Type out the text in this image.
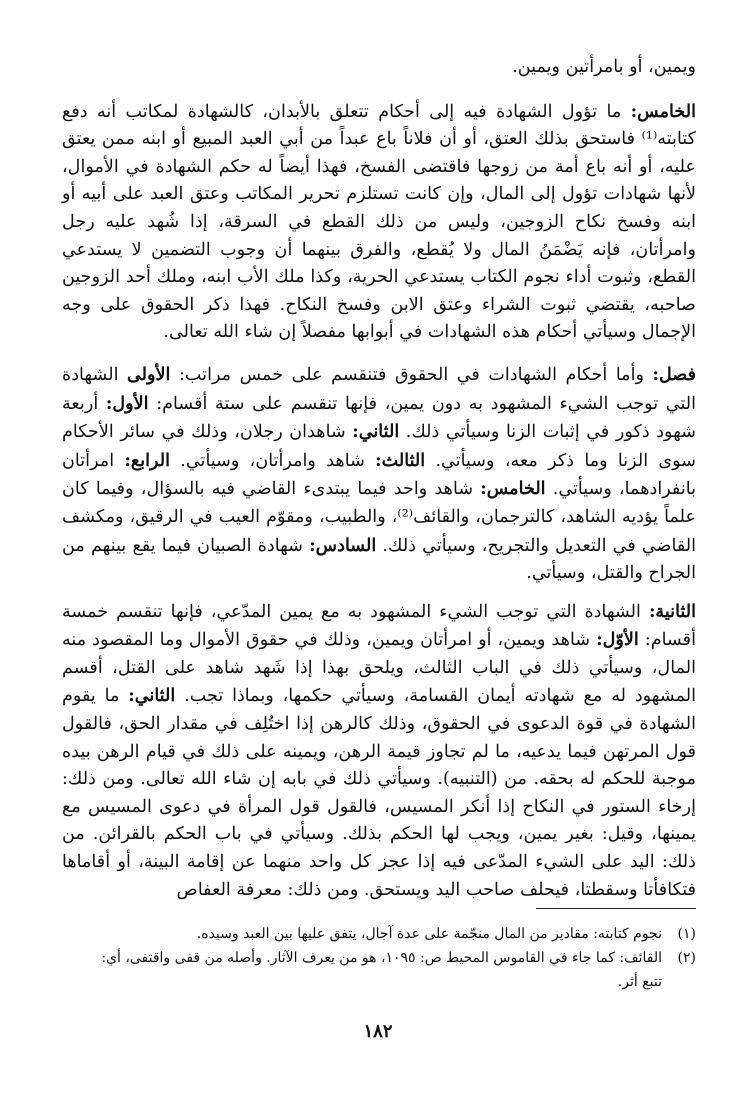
ويمين، أو بامرأتين ويمين.

الخامس: ما تؤول الشهادة فيه إلى أحكام تتعلق بالأبدان، كالشهادة لمكاتب أنه دفع كتابته⁽¹⁾ فاستحق بذلك العتق، أو أن فلاناً باع عبداً من أبي العبد المبيع أو ابنه ممن يعتق عليه، أو أنه باع أمة من زوجها فاقتضى الفسخ، فهذا أيضاً له حكم الشهادة في الأموال، لأنها شهادات تؤول إلى المال، وإن كانت تستلزم تحرير المكاتب وعتق العبد على أبيه أو ابنه وفسخ نكاح الزوجين، وليس من ذلك القطع في السرقة، إذا شُهد عليه رجل وامرأتان، فإنه يَضْمَنُ المال ولا يُقطع، والفرق بينهما أن وجوب التضمين لا يستدعي القطع، وثبوت أداء نجوم الكتاب يستدعي الحرية، وكذا ملك الأب ابنه، وملك أحد الزوجين صاحبه، يقتضي ثبوت الشراء وعتق الابن وفسخ النكاح. فهذا ذكر الحقوق على وجه الإجمال وسيأتي أحكام هذه الشهادات في أبوابها مفصلاً إن شاء الله تعالى.

فصل: وأما أحكام الشهادات في الحقوق فتنقسم على خمس مراتب: الأولى الشهادة التي توجب الشيء المشهود به دون يمين، فإنها تنقسم على ستة أقسام: الأول: أربعة شهود ذكور في إثبات الزنا وسيأتي ذلك. الثاني: شاهدان رجلان، وذلك في سائر الأحكام سوى الزنا وما ذكر معه، وسيأتي. الثالث: شاهد وامرأتان، وسيأتي. الرابع: امرأتان بانفرادهما، وسيأتي. الخامس: شاهد واحد فيما يبتدىء القاضي فيه بالسؤال، وفيما كان علماً يؤديه الشاهد، كالترجمان، والقائف⁽²⁾، والطبيب، ومقوّم العيب في الرقيق، ومكشف القاضي في التعديل والتجريح، وسيأتي ذلك. السادس: شهادة الصبيان فيما يقع بينهم من الجراح والقتل، وسيأتي.

الثانية: الشهادة التي توجب الشيء المشهود به مع يمين المدّعي، فإنها تنقسم خمسة أقسام: الأوّل: شاهد ويمين، أو امرأتان ويمين، وذلك في حقوق الأموال وما المقصود منه المال، وسيأتي ذلك في الباب الثالث، ويلحق بهذا إذا شَهد شاهد على القتل، أقسم المشهود له مع شهادته أيمان القسامة، وسيأتي حكمها، وبماذا تجب. الثاني: ما يقوم الشهادة في قوة الدعوى في الحقوق، وذلك كالرهن إذا اختُلِف في مقدار الحق، فالقول قول المرتهن فيما يدعيه، ما لم تجاوز قيمة الرهن، ويمينه على ذلك في قيام الرهن بيده موجبة للحكم له بحقه. من (التنبيه). وسيأتي ذلك في بابه إن شاء الله تعالى. ومن ذلك: إرخاء الستور في النكاح إذا أنكر المسيس، فالقول قول المرأة في دعوى المسيس مع يمينها، وقيل: بغير يمين، ويجب لها الحكم بذلك. وسيأتي في باب الحكم بالقرائن. من ذلك: اليد على الشيء المدّعى فيه إذا عجز كل واحد منهما عن إقامة البينة، أو أقاماها فتكافأتا وسقطتا، فيحلف صاحب اليد ويستحق. ومن ذلك: معرفة العفاص

(١)نجوم كتابته: مقادير من المال منجّمة على عدة آجال، يتفق عليها بين العبد وسيده.
(٢)القائف: كما جاء في القاموس المحيط ص: ١٠٩٥، هو من يعرف الآثار. وأصله من قفى واقتفى، أي:
تتبع أثر.
١٨٢
